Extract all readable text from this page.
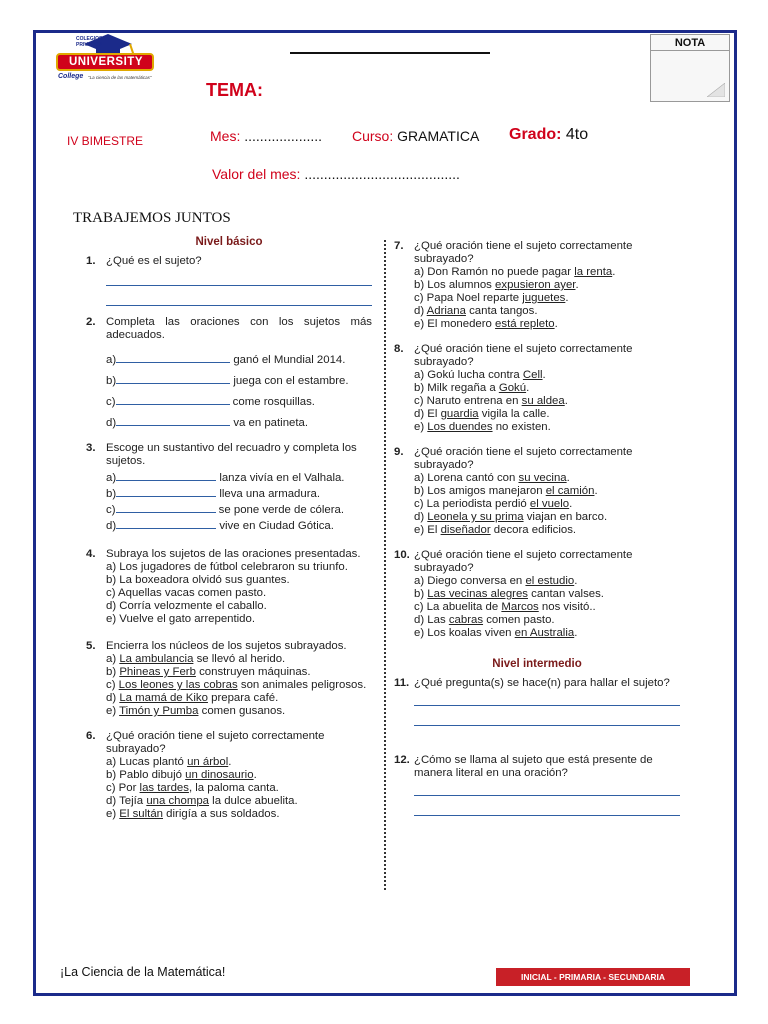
COLEGIOS PRIVADOS
UNIVERSITY
College "La ciencia de las matemáticas"
NOTA
TEMA:
IV BIMESTRE	Mes: .................... Curso: GRAMATICA Grado: 4to
Valor del mes: ........................................
TRABAJEMOS JUNTOS
Nivel básico
1. ¿Qué es el sujeto?
2. Completa las oraciones con los sujetos más adecuados.
a)	ganó el Mundial 2014.
b)	juega con el estambre.
c)	come rosquillas.
d)	va en patineta.
3. Escoge un sustantivo del recuadro y completa los sujetos.
a)	lanza vivía en el Valhala.
b)	lleva una armadura.
c)	se pone verde de cólera.
d)	vive en Ciudad Gótica.
4. Subraya los sujetos de las oraciones presentadas.
a) Los jugadores de fútbol celebraron su triunfo.
b) La boxeadora olvidó sus guantes.
c) Aquellas vacas comen pasto.
d) Corría velozmente el caballo.
e) Vuelve el gato arrepentido.
5. Encierra los núcleos de los sujetos subrayados.
a) La ambulancia se llevó al herido.
b) Phineas y Ferb construyen máquinas.
c) Los leones y las cobras son animales peligrosos.
d) La mamá de Kiko prepara café.
e) Timón y Pumba comen gusanos.
6. ¿Qué oración tiene el sujeto correctamente subrayado?
a) Lucas plantó un árbol.
b) Pablo dibujó un dinosaurio.
c) Por las tardes, la paloma canta.
d) Tejía una chompa la dulce abuelita.
e) El sultán dirigía a sus soldados.
7. ¿Qué oración tiene el sujeto correctamente subrayado?
a) Don Ramón no puede pagar la renta.
b) Los alumnos expusieron ayer.
c) Papa Noel reparte juguetes.
d) Adriana canta tangos.
e) El monedero está repleto.
8. ¿Qué oración tiene el sujeto correctamente subrayado?
a) Gokú lucha contra Cell.
b) Milk regaña a Gokú.
c) Naruto entrena en su aldea.
d) El guardia vigila la calle.
e) Los duendes no existen.
9. ¿Qué oración tiene el sujeto correctamente subrayado?
a) Lorena cantó con su vecina.
b) Los amigos manejaron el camión.
c) La periodista perdió el vuelo.
d) Leonela y su prima viajan en barco.
e) El diseñador decora edificios.
10. ¿Qué oración tiene el sujeto correctamente subrayado?
a) Diego conversa en el estudio.
b) Las vecinas alegres cantan valses.
c) La abuelita de Marcos nos visitó..
d) Las cabras comen pasto.
e) Los koalas viven en Australia.
Nivel intermedio
11. ¿Qué pregunta(s) se hace(n) para hallar el sujeto?
12. ¿Cómo se llama al sujeto que está presente de manera literal en una oración?
¡La Ciencia de la Matemática!	INICIAL - PRIMARIA - SECUNDARIA
